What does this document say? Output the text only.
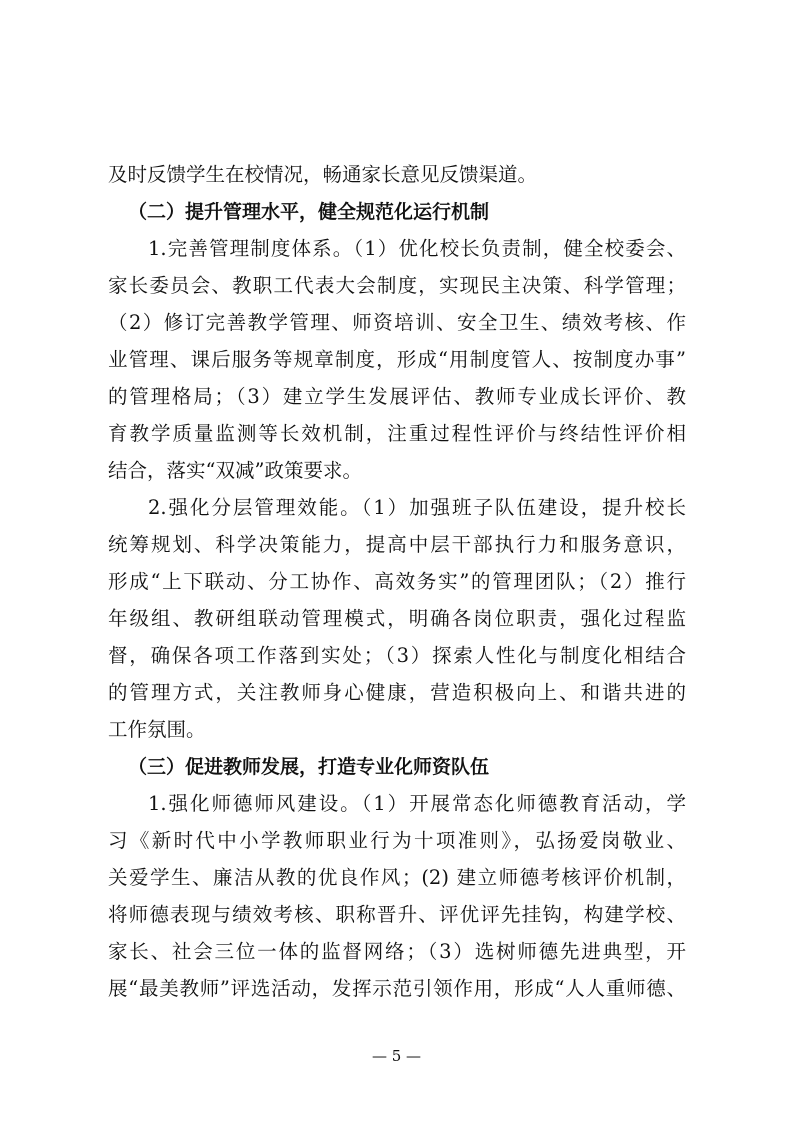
及时反馈学生在校情况，畅通家长意见反馈渠道。
（二）提升管理水平，健全规范化运行机制
1.完善管理制度体系。（1）优化校长负责制，健全校委会、
家长委员会、教职工代表大会制度，实现民主决策、科学管理；
（2）修订完善教学管理、师资培训、安全卫生、绩效考核、作
业管理、课后服务等规章制度，形成“用制度管人、按制度办事”
的管理格局；（3）建立学生发展评估、教师专业成长评价、教
育教学质量监测等长效机制，注重过程性评价与终结性评价相
结合，落实“双减”政策要求。
2.强化分层管理效能。（1）加强班子队伍建设，提升校长
统筹规划、科学决策能力，提高中层干部执行力和服务意识，
形成“上下联动、分工协作、高效务实”的管理团队；（2）推行
年级组、教研组联动管理模式，明确各岗位职责，强化过程监
督，确保各项工作落到实处；（3）探索人性化与制度化相结合
的管理方式，关注教师身心健康，营造积极向上、和谐共进的
工作氛围。
（三）促进教师发展，打造专业化师资队伍
1.强化师德师风建设。（1）开展常态化师德教育活动，学
习《新时代中小学教师职业行为十项准则》，弘扬爱岗敬业、
关爱学生、廉洁从教的优良作风；(2) 建立师德考核评价机制，
将师德表现与绩效考核、职称晋升、评优评先挂钩，构建学校、
家长、社会三位一体的监督网络；（3）选树师德先进典型，开
展“最美教师”评选活动，发挥示范引领作用，形成“人人重师德、
— 5 —
